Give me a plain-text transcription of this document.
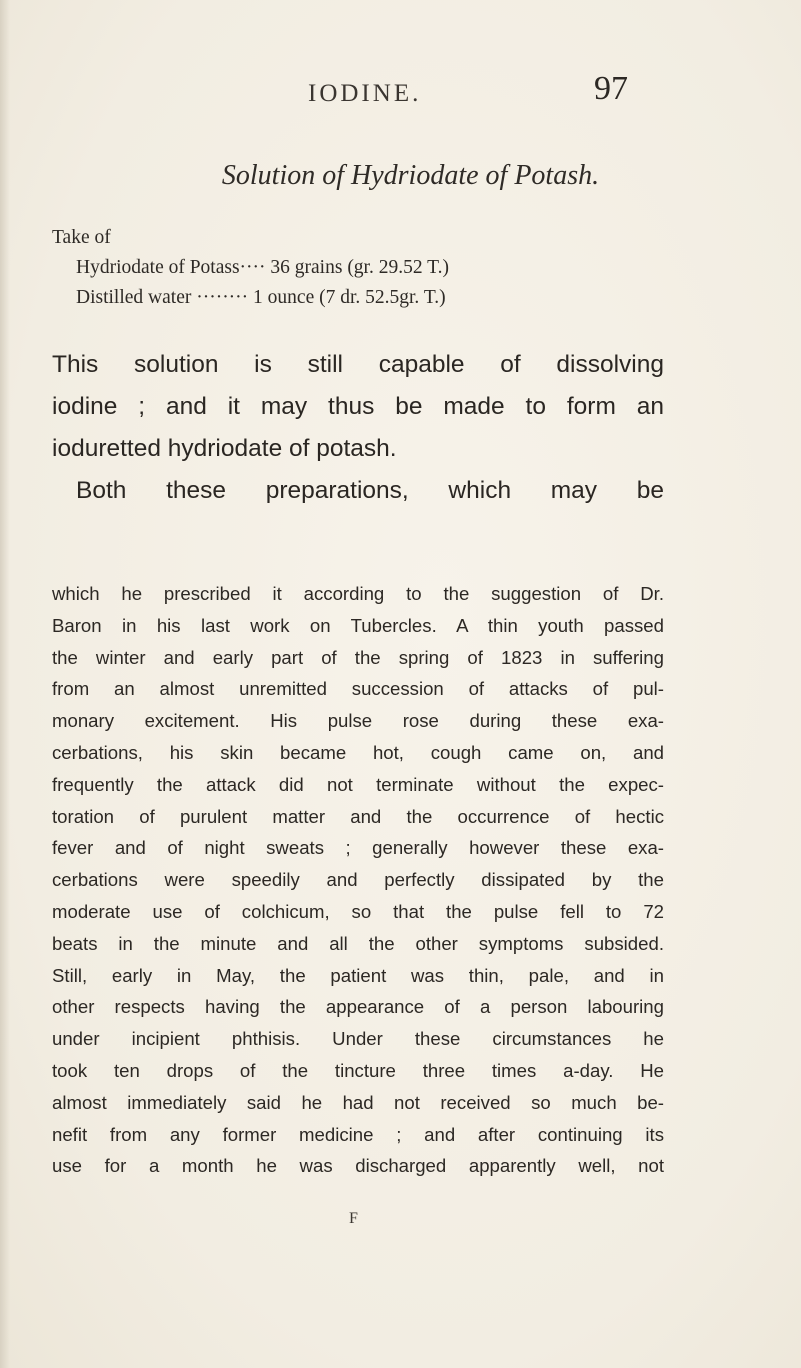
IODINE.	97
Solution of Hydriodate of Potash.
Take of
Hydriodate of Potass···· 36 grains (gr. 29.52 T.)
Distilled water ········ 1 ounce (7 dr. 52.5gr. T.)
This solution is still capable of dissolving
iodine ; and it may thus be made to form an
ioduretted hydriodate of potash.
Both these preparations, which may be
which he prescribed it according to the suggestion of Dr.
Baron in his last work on Tubercles. A thin youth passed
the winter and early part of the spring of 1823 in suffering
from an almost unremitted succession of attacks of pul-
monary excitement. His pulse rose during these exa-
cerbations, his skin became hot, cough came on, and
frequently the attack did not terminate without the expec-
toration of purulent matter and the occurrence of hectic
fever and of night sweats ; generally however these exa-
cerbations were speedily and perfectly dissipated by the
moderate use of colchicum, so that the pulse fell to 72
beats in the minute and all the other symptoms subsided.
Still, early in May, the patient was thin, pale, and in
other respects having the appearance of a person labouring
under incipient phthisis. Under these circumstances he
took ten drops of the tincture three times a-day. He
almost immediately said he had not received so much be-
nefit from any former medicine ; and after continuing its
use for a month he was discharged apparently well, not
F
